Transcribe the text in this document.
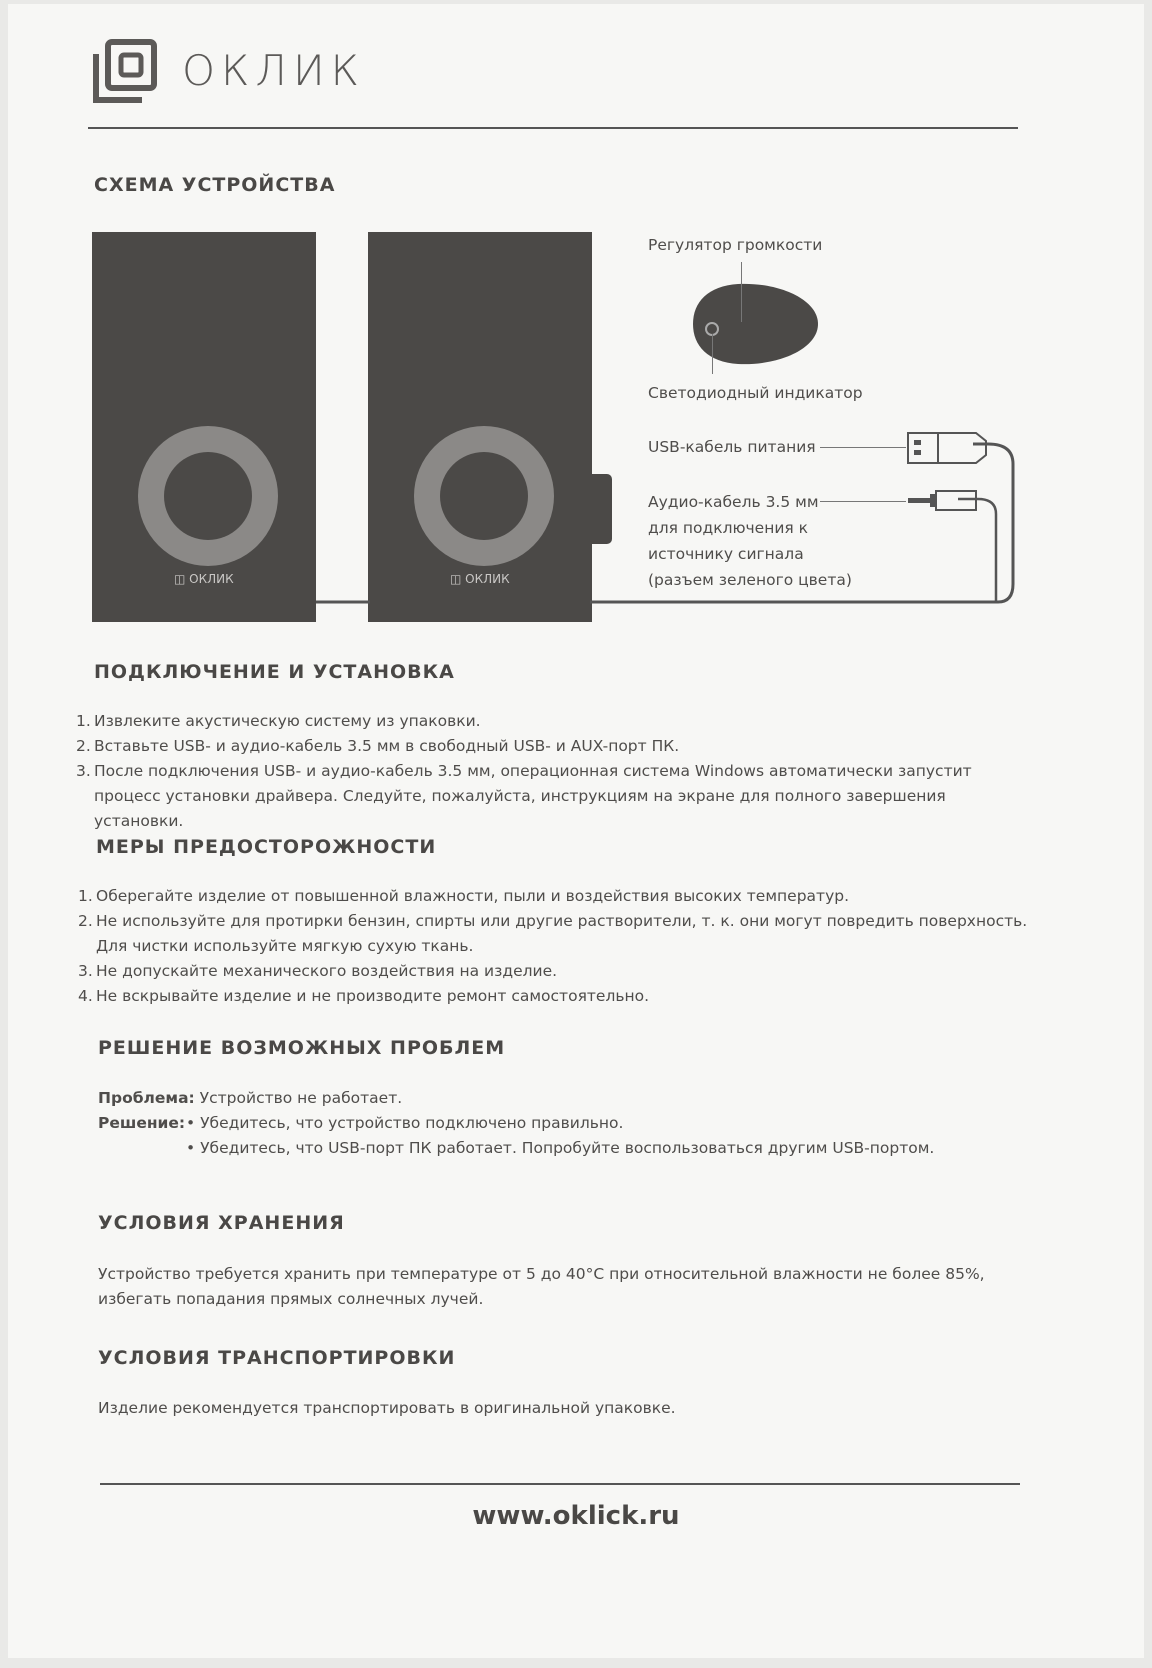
ОКЛИК
СХЕМА УСТРОЙСТВА
◫ ОКЛИК	◫ ОКЛИК
Регулятор громкости
Светодиодный индикатор
USB-кабель питания
Аудио-кабель 3.5 мм
для подключения к
источнику сигнала
(разъем зеленого цвета)
ПОДКЛЮЧЕНИЕ И УСТАНОВКА
1. Извлеките акустическую систему из упаковки.
2. Вставьте USB- и аудио-кабель 3.5 мм в свободный USB- и AUX-порт ПК.
3. После подключения USB- и аудио-кабель 3.5 мм, операционная система Windows автоматически запустит процесс установки драйвера. Следуйте, пожалуйста, инструкциям на экране для полного завершения установки.
МЕРЫ ПРЕДОСТОРОЖНОСТИ
1. Оберегайте изделие от повышенной влажности, пыли и воздействия высоких температур.
2. Не используйте для протирки бензин, спирты или другие растворители, т. к. они могут повредить поверхность. Для чистки используйте мягкую сухую ткань.
3. Не допускайте механического воздействия на изделие.
4. Не вскрывайте изделие и не производите ремонт самостоятельно.
РЕШЕНИЕ ВОЗМОЖНЫХ ПРОБЛЕМ
Проблема: Устройство не работает.
Решение: • Убедитесь, что устройство подключено правильно.
• Убедитесь, что USB-порт ПК работает. Попробуйте воспользоваться другим USB-портом.
УСЛОВИЯ ХРАНЕНИЯ
Устройство требуется хранить при температуре от 5 до 40°С при относительной влажности не более 85%, избегать попадания прямых солнечных лучей.
УСЛОВИЯ ТРАНСПОРТИРОВКИ
Изделие рекомендуется транспортировать в оригинальной упаковке.
www.oklick.ru
